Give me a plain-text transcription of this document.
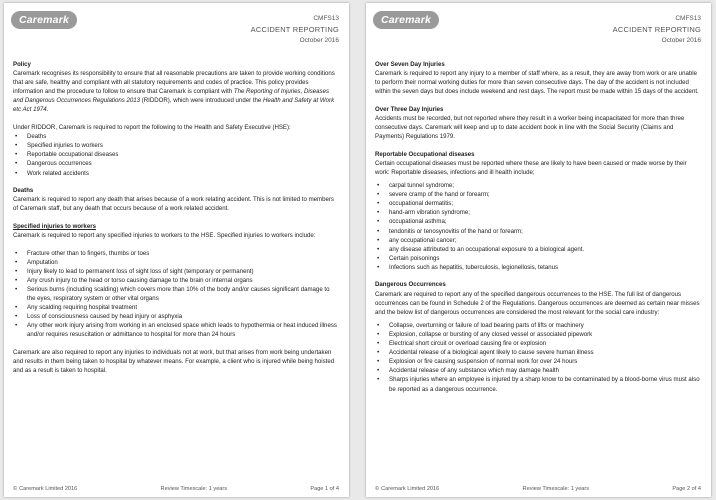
Caremark	CMFS13
ACCIDENT REPORTING
October 2016

Policy

Caremark recognises its responsibility to ensure that all reasonable precautions are taken to provide working conditions that are safe, healthy and compliant with all statutory requirements and codes of practice. This policy provides information and the procedure to follow to ensure that Caremark is compliant with The Reporting of Injuries, Diseases and Dangerous Occurrences Regulations 2013 (RIDDOR), which were introduced under the Health and Safety at Work etc Act 1974.

Under RIDDOR, Caremark is required to report the following to the Health and Safety Executive (HSE):

• Deaths
• Specified injuries to workers
• Reportable occupational diseases
• Dangerous occurrences
• Work related accidents

Deaths

Caremark is required to report any death that arises because of a work relating accident. This is not limited to members of Caremark staff, but any death that occurs because of a work related accident.

Specified injuries to workers

Caremark is required to report any specified injuries to workers to the HSE. Specified injuries to workers include:

• Fracture other than to fingers, thumbs or toes
• Amputation
• Injury likely to lead to permanent loss of sight loss of sight (temporary or permanent)
• Any crush injury to the head or torso causing damage to the brain or internal organs
• Serious burns (including scalding) which covers more than 10% of the body and/or causes significant damage to the eyes, respiratory system or other vital organs
• Any scalding requiring hospital treatment
• Loss of consciousness caused by head injury or asphyxia
• Any other work injury arising from working in an enclosed space which leads to hypothermia or heat induced illness and/or requires resuscitation or admittance to hospital for more than 24 hours

Caremark are also required to report any injuries to individuals not at work, but that arises from work being undertaken and results in them being taken to hospital by whatever means. For example, a client who is injured while being hoisted and as a result is taken to hospital.

© Caremark Limited 2016	Review Timescale: 1 years	Page 1 of 4
Caremark	CMFS13
ACCIDENT REPORTING
October 2016

Over Seven Day Injuries

Caremark is required to report any injury to a member of staff where, as a result, they are away from work or are unable to perform their normal working duties for more than seven consecutive days. The day of the accident is not included within the seven days but does include weekend and rest days. The report must be made within 15 days of the accident.

Over Three Day Injuries

Accidents must be recorded, but not reported where they result in a worker being incapacitated for more than three consecutive days. Caremark will keep and up to date accident book in line with the Social Security (Claims and Payments) Regulations 1979.

Reportable Occupational diseases

Certain occupational diseases must be reported where these are likely to have been caused or made worse by their work: Reportable diseases, infections and ill health include;

• carpal tunnel syndrome;
• severe cramp of the hand or forearm;
• occupational dermatitis;
• hand-arm vibration syndrome;
• occupational asthma;
• tendonitis or tenosynovitis of the hand or forearm;
• any occupational cancer;
• any disease attributed to an occupational exposure to a biological agent.
• Certain poisonings
• Infections such as hepatitis, tuberculosis, legionellosis, tetanus

Dangerous Occurrences

Caremark are required to report any of the specified dangerous occurrences to the HSE. The full list of dangerous occurrences can be found in Schedule 2 of the Regulations. Dangerous occurrences are deemed as certain near misses and the below list of dangerous occurrences are considered the most relevant for the social care industry:

• Collapse, overturning or failure of load bearing parts of lifts or machinery
• Explosion, collapse or bursting of any closed vessel or associated pipework
• Electrical short circuit or overload causing fire or explosion
• Accidental release of a biological agent likely to cause severe human illness
• Explosion or fire causing suspension of normal work for over 24 hours
• Accidental release of any substance which may damage health
• Sharps injuries where an employee is injured by a sharp know to be contaminated by a blood-borne virus must also be reported as a dangerous occurrence.
© Caremark Limited 2016	Review Timescale: 1 years	Page 2 of 4
